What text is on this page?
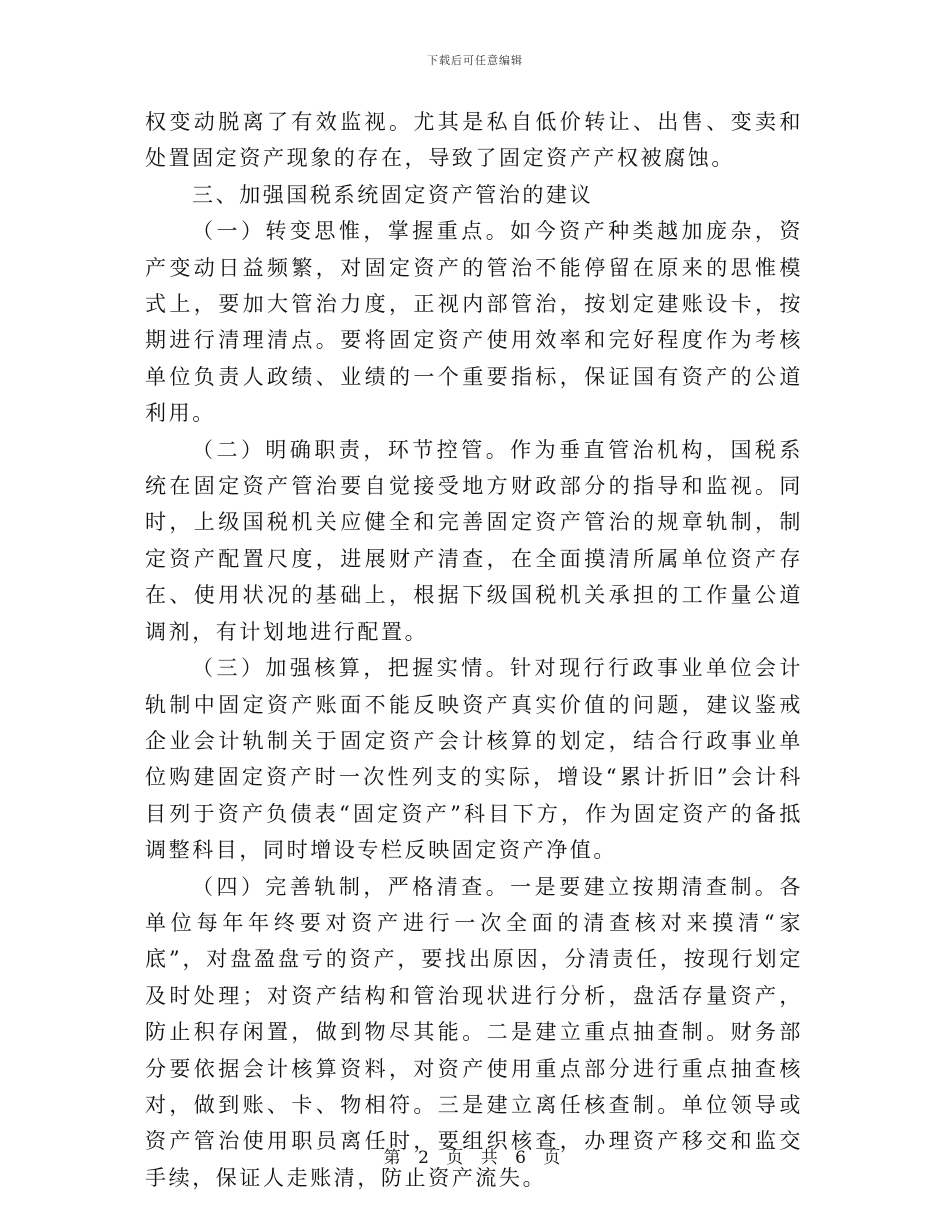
下载后可任意编辑

权变动脱离了有效监视。尤其是私自低价转让、出售、变卖和处置固定资产现象的存在，导致了固定资产产权被腐蚀。

三、加强国税系统固定资产管治的建议

（一）转变思惟，掌握重点。如今资产种类越加庞杂，资产变动日益频繁，对固定资产的管治不能停留在原来的思惟模式上，要加大管治力度，正视内部管治，按划定建账设卡，按期进行清理清点。要将固定资产使用效率和完好程度作为考核单位负责人政绩、业绩的一个重要指标，保证国有资产的公道利用。

（二）明确职责，环节控管。作为垂直管治机构，国税系统在固定资产管治要自觉接受地方财政部分的指导和监视。同时，上级国税机关应健全和完善固定资产管治的规章轨制，制定资产配置尺度，进展财产清查，在全面摸清所属单位资产存在、使用状况的基础上，根据下级国税机关承担的工作量公道调剂，有计划地进行配置。

（三）加强核算，把握实情。针对现行行政事业单位会计轨制中固定资产账面不能反映资产真实价值的问题，建议鉴戒企业会计轨制关于固定资产会计核算的划定，结合行政事业单位购建固定资产时一次性列支的实际，增设“累计折旧”会计科目列于资产负债表“固定资产”科目下方，作为固定资产的备抵调整科目，同时增设专栏反映固定资产净值。

（四）完善轨制，严格清查。一是要建立按期清查制。各单位每年年终要对资产进行一次全面的清查核对来摸清“家底”，对盘盈盘亏的资产，要找出原因，分清责任，按现行划定及时处理；对资产结构和管治现状进行分析，盘活存量资产，防止积存闲置，做到物尽其能。二是建立重点抽查制。财务部分要依据会计核算资料，对资产使用重点部分进行重点抽查核对，做到账、卡、物相符。三是建立离任核查制。单位领导或资产管治使用职员离任时，要组织核查，办理资产移交和监交手续，保证人走账清，防止资产流失。

第 2 页 共 6 页
